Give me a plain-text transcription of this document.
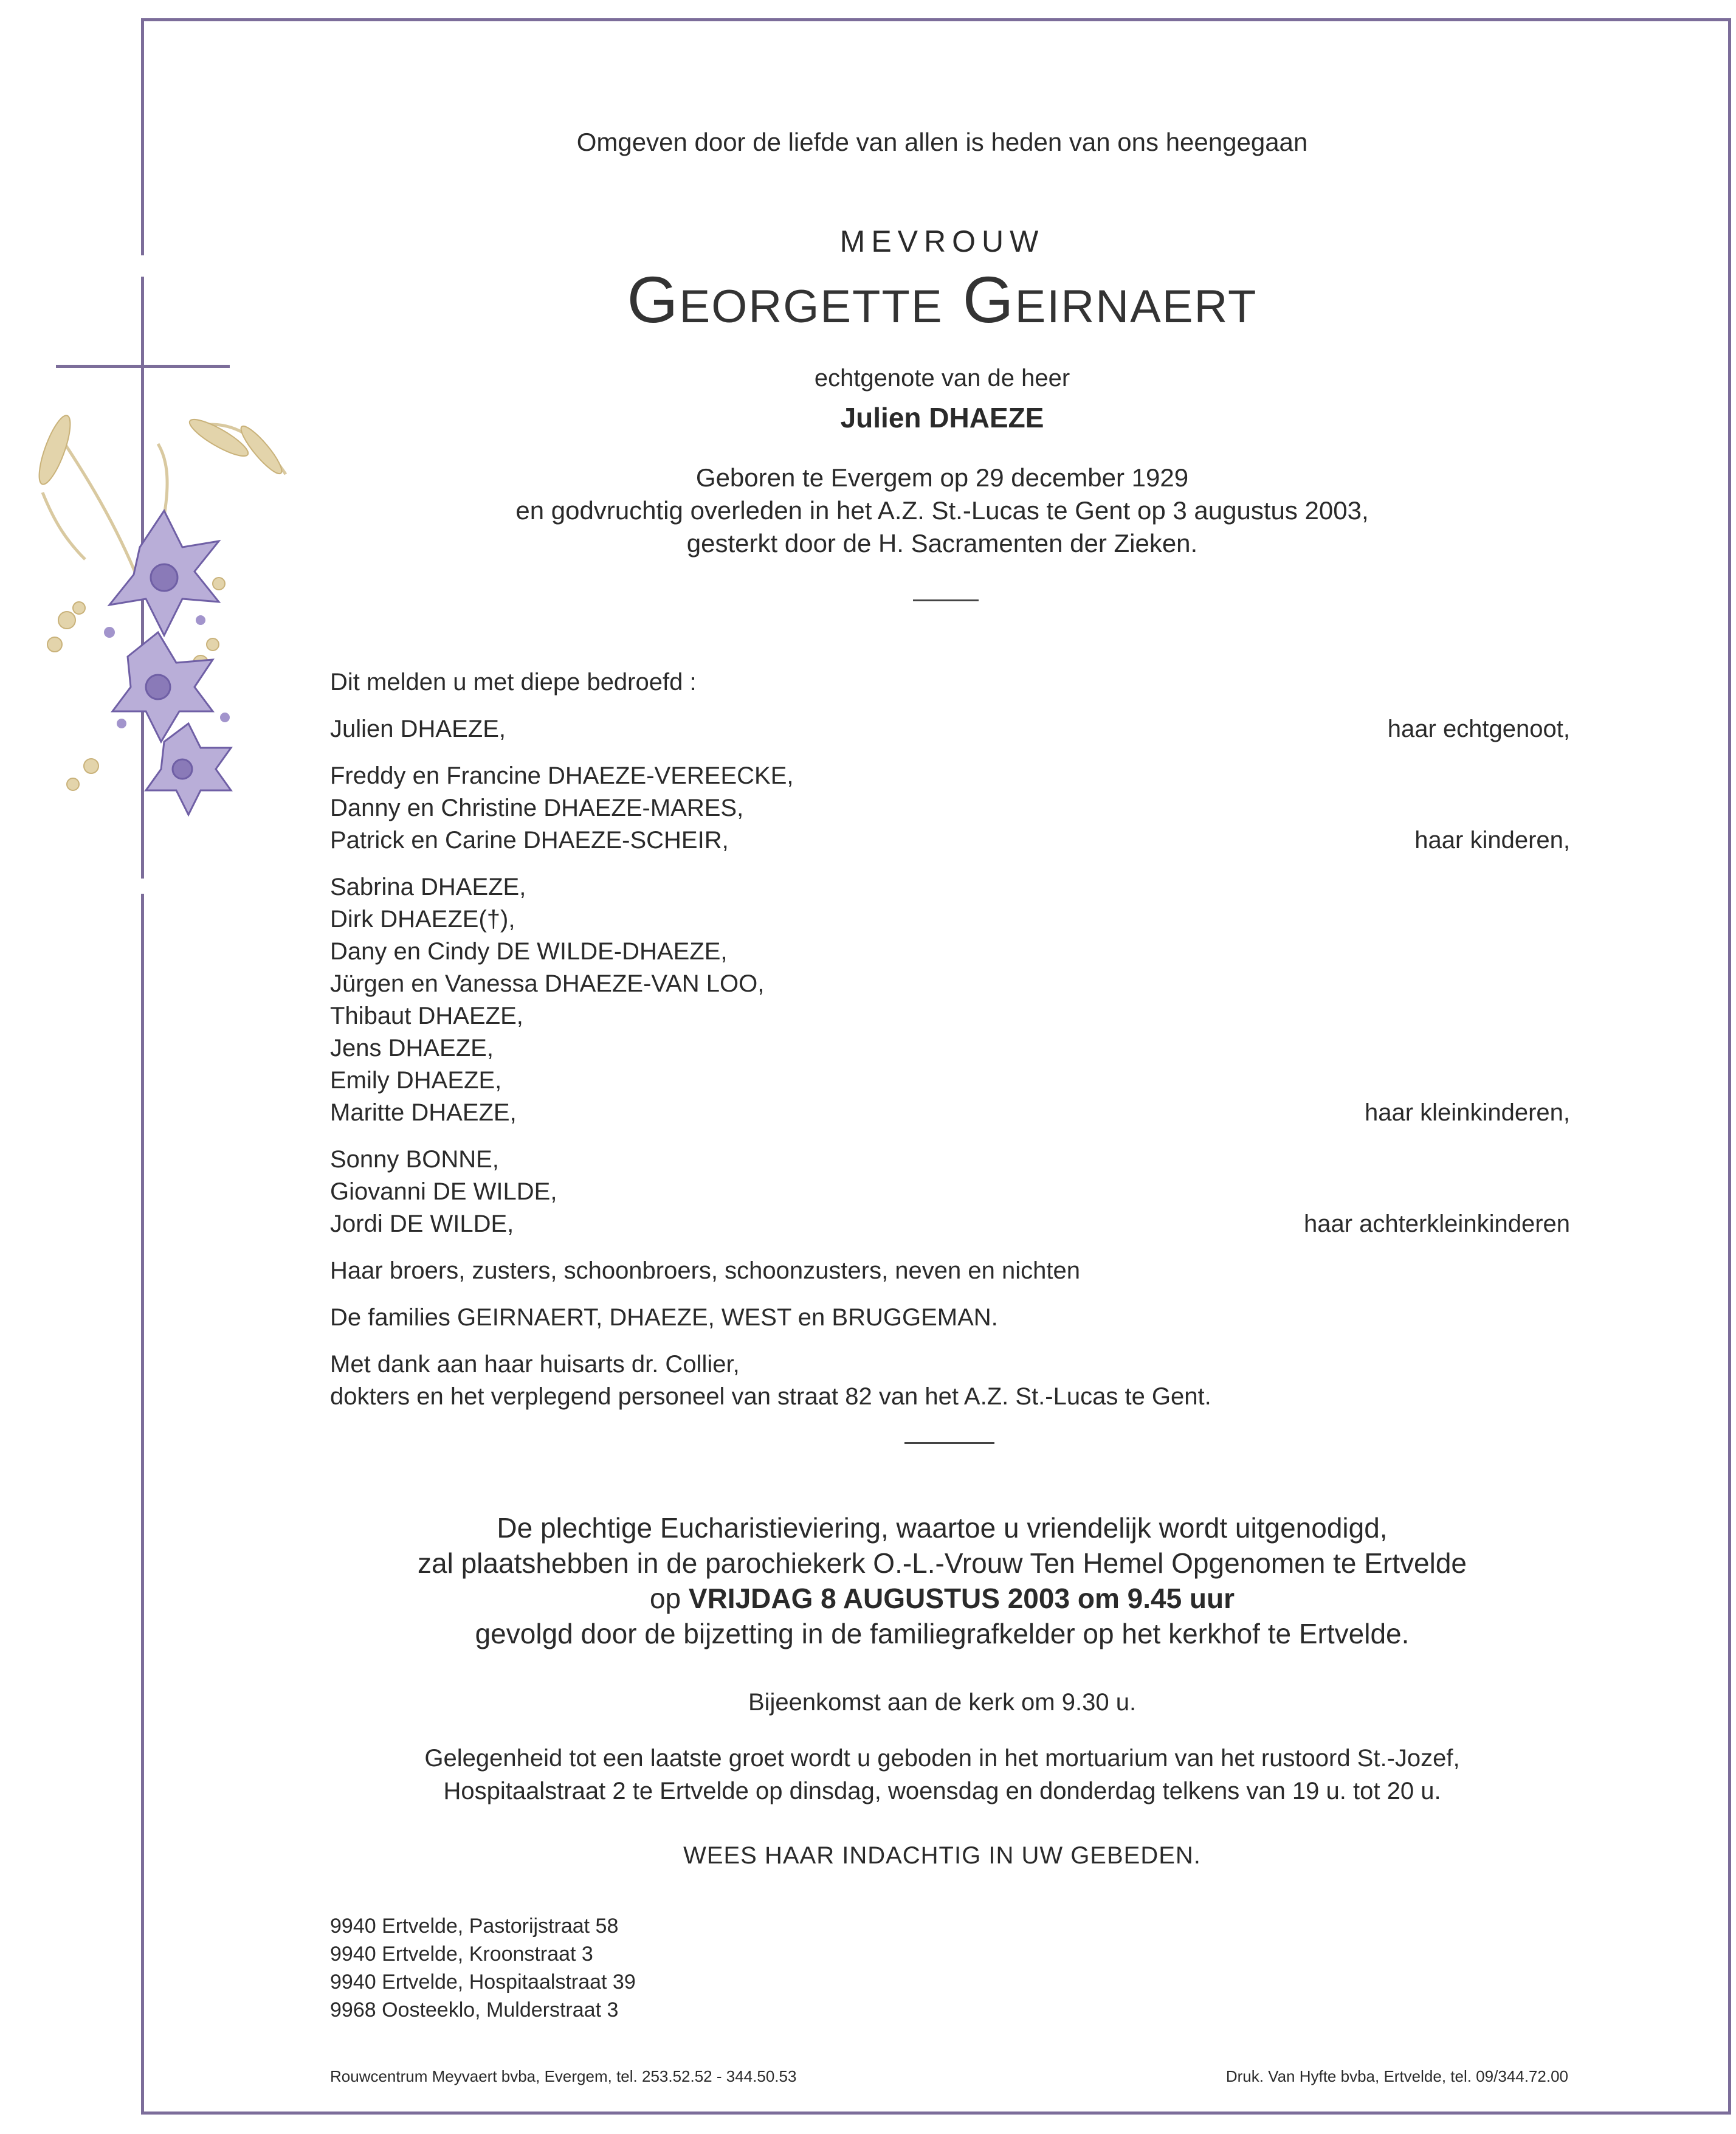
Omgeven door de liefde van allen is heden van ons heengegaan
MEVROUW
Georgette Geirnaert
echtgenote van de heer
Julien DHAEZE
Geboren te Evergem op 29 december 1929
en godvruchtig overleden in het A.Z. St.-Lucas te Gent op 3 augustus 2003,
gesterkt door de H. Sacramenten der Zieken.
Dit melden u met diepe bedroefd :
Julien DHAEZE,	haar echtgenoot,
Freddy en Francine DHAEZE-VEREECKE,
Danny en Christine DHAEZE-MARES,
Patrick en Carine DHAEZE-SCHEIR,	haar kinderen,
Sabrina DHAEZE,
Dirk DHAEZE(†),
Dany en Cindy DE WILDE-DHAEZE,
Jürgen en Vanessa DHAEZE-VAN LOO,
Thibaut DHAEZE,
Jens DHAEZE,
Emily DHAEZE,
Maritte DHAEZE,	haar kleinkinderen,
Sonny BONNE,
Giovanni DE WILDE,
Jordi DE WILDE,	haar achterkleinkinderen
Haar broers, zusters, schoonbroers, schoonzusters, neven en nichten
De families GEIRNAERT, DHAEZE, WEST en BRUGGEMAN.
Met dank aan haar huisarts dr. Collier,
dokters en het verplegend personeel van straat 82 van het A.Z. St.-Lucas te Gent.
De plechtige Eucharistieviering, waartoe u vriendelijk wordt uitgenodigd,
zal plaatshebben in de parochiekerk O.-L.-Vrouw Ten Hemel Opgenomen te Ertvelde
op VRIJDAG 8 AUGUSTUS 2003 om 9.45 uur
gevolgd door de bijzetting in de familiegrafkelder op het kerkhof te Ertvelde.
Bijeenkomst aan de kerk om 9.30 u.
Gelegenheid tot een laatste groet wordt u geboden in het mortuarium van het rustoord St.-Jozef,
Hospitaalstraat 2 te Ertvelde op dinsdag, woensdag en donderdag telkens van 19 u. tot 20 u.
WEES HAAR INDACHTIG IN UW GEBEDEN.
9940 Ertvelde, Pastorijstraat 58
9940 Ertvelde, Kroonstraat 3
9940 Ertvelde, Hospitaalstraat 39
9968 Oosteeklo, Mulderstraat 3
Rouwcentrum Meyvaert bvba, Evergem, tel. 253.52.52 - 344.50.53	Druk. Van Hyfte bvba, Ertvelde, tel. 09/344.72.00
